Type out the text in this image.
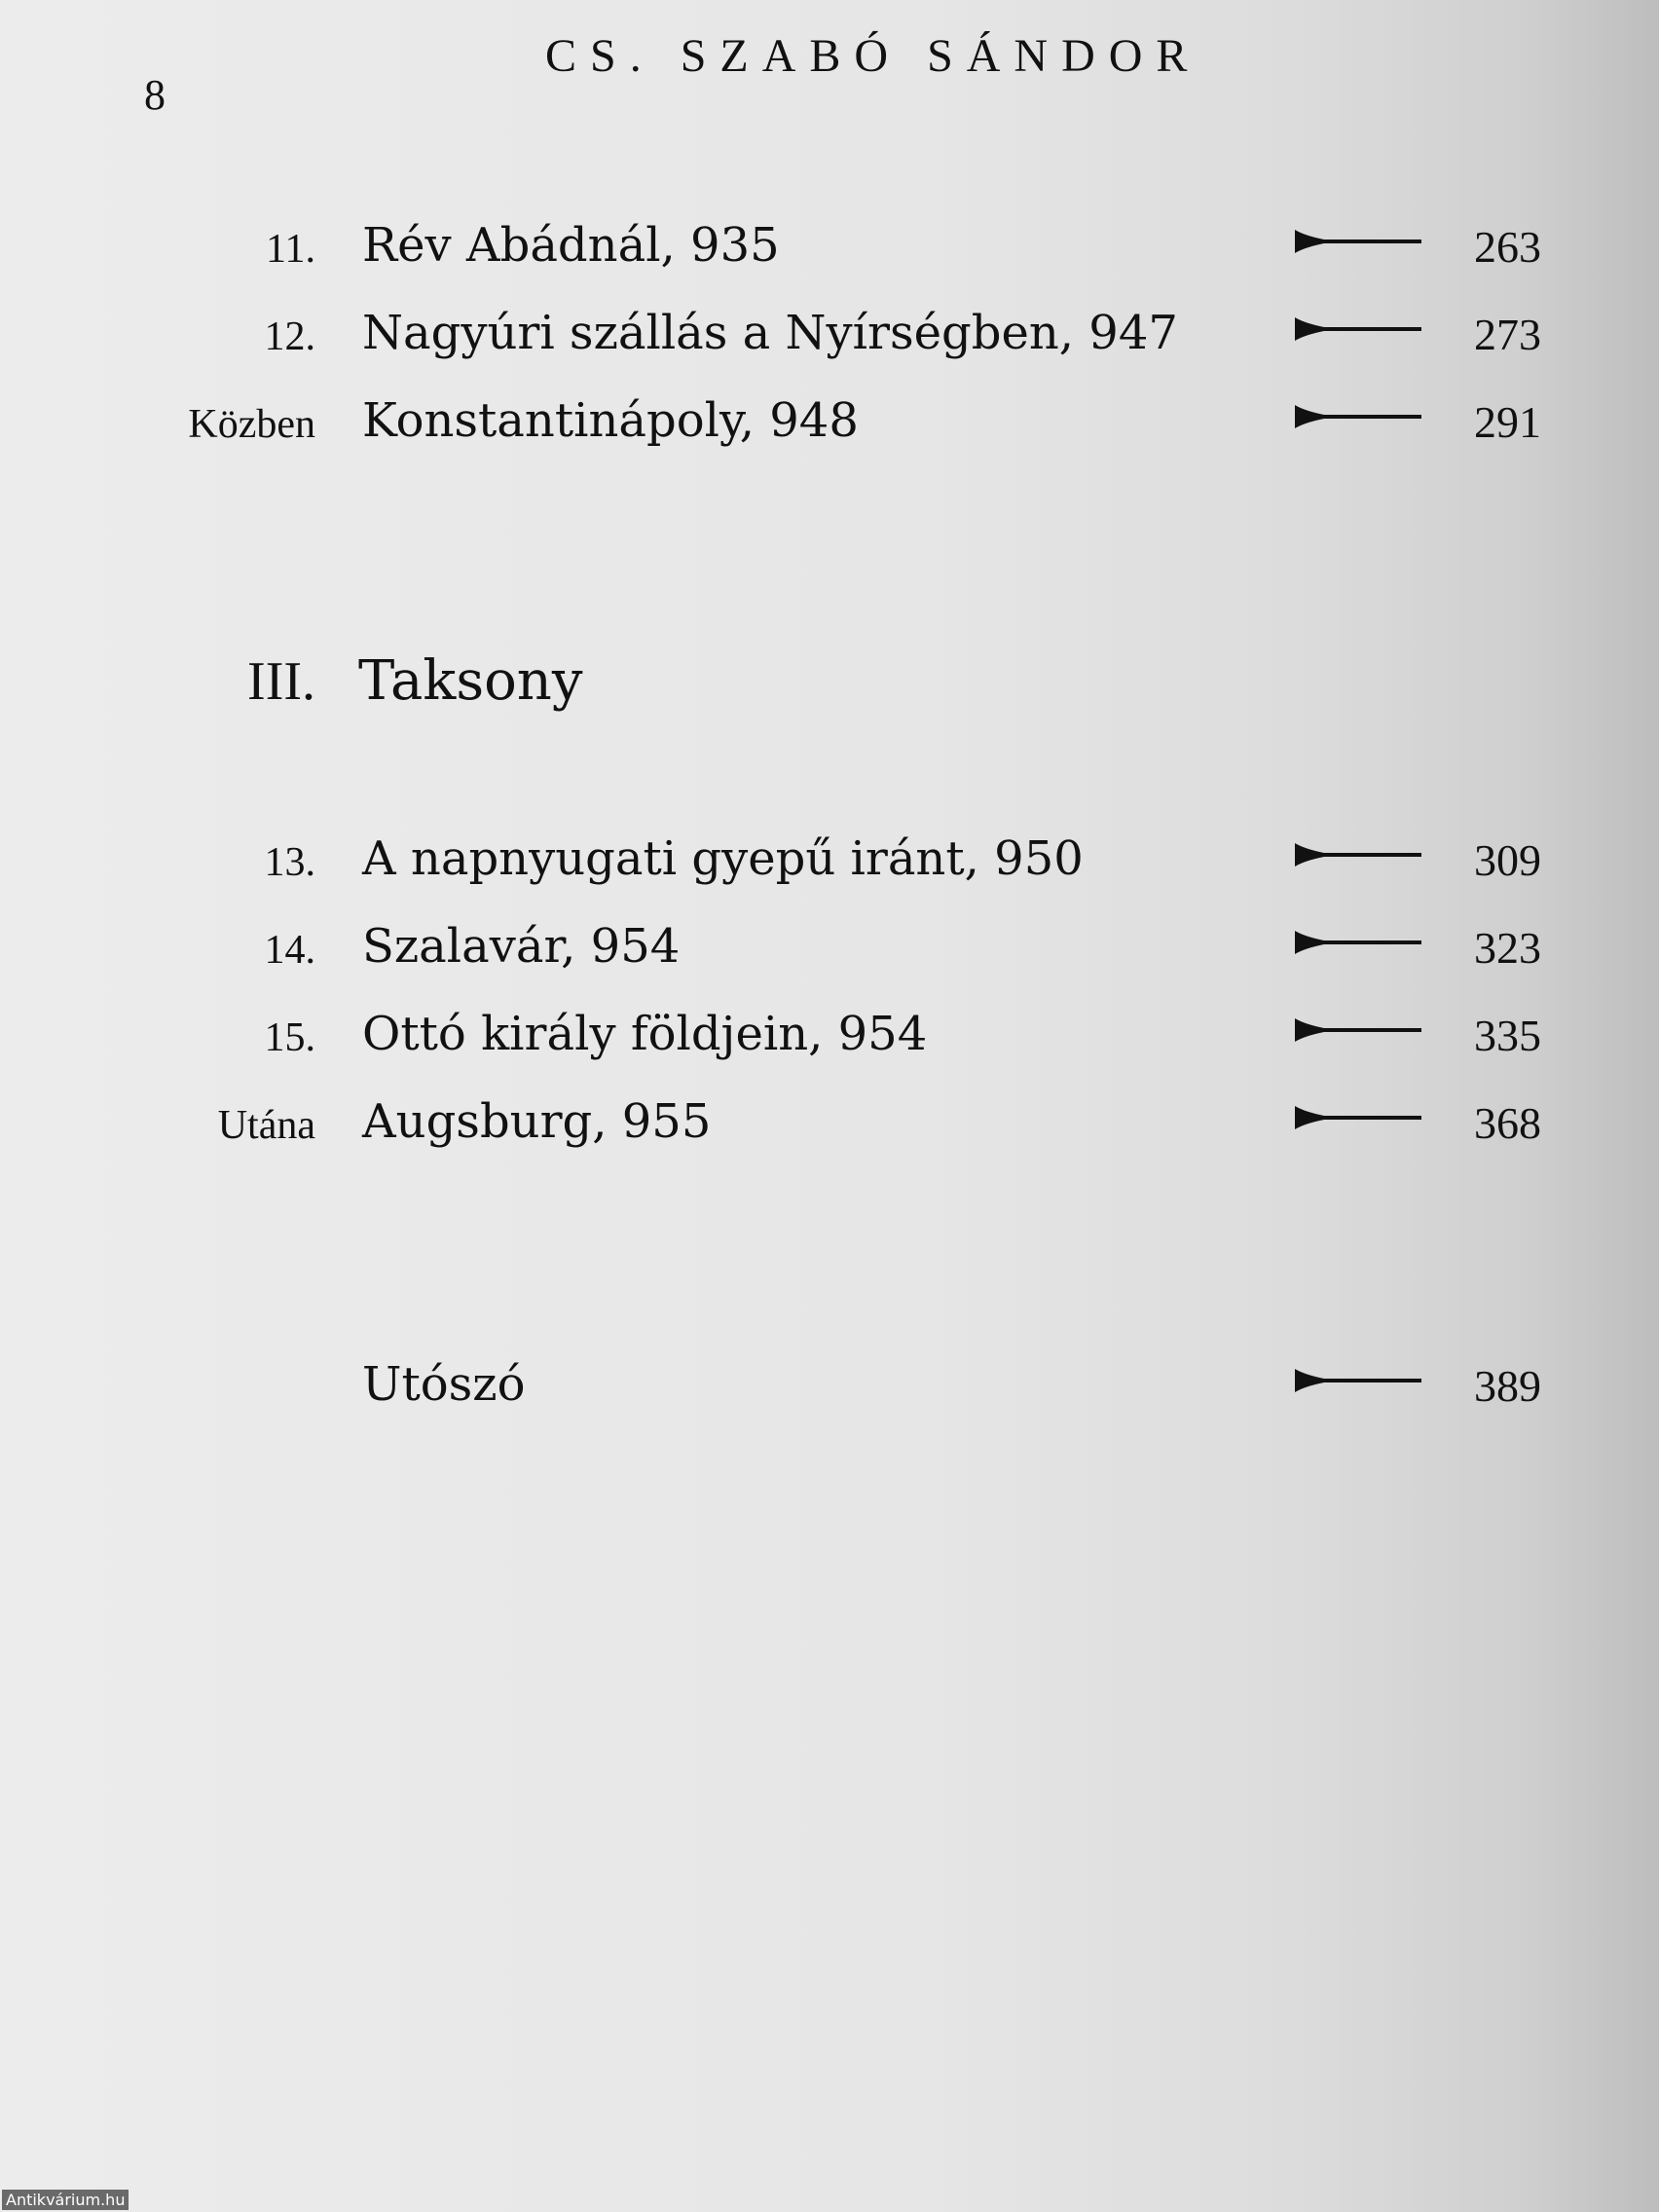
8
CS. SZABÓ SÁNDOR
11. Rév Abádnál, 935	263
12. Nagyúri szállás a Nyírségben, 947	273
Közben Konstantinápoly, 948	291
III. Taksony
13. A napnyugati gyepű iránt, 950	309
14. Szalavár, 954	323
15. Ottó király földjein, 954	335
Utána Augsburg, 955	368
Utószó	389
Antikvárium.hu
